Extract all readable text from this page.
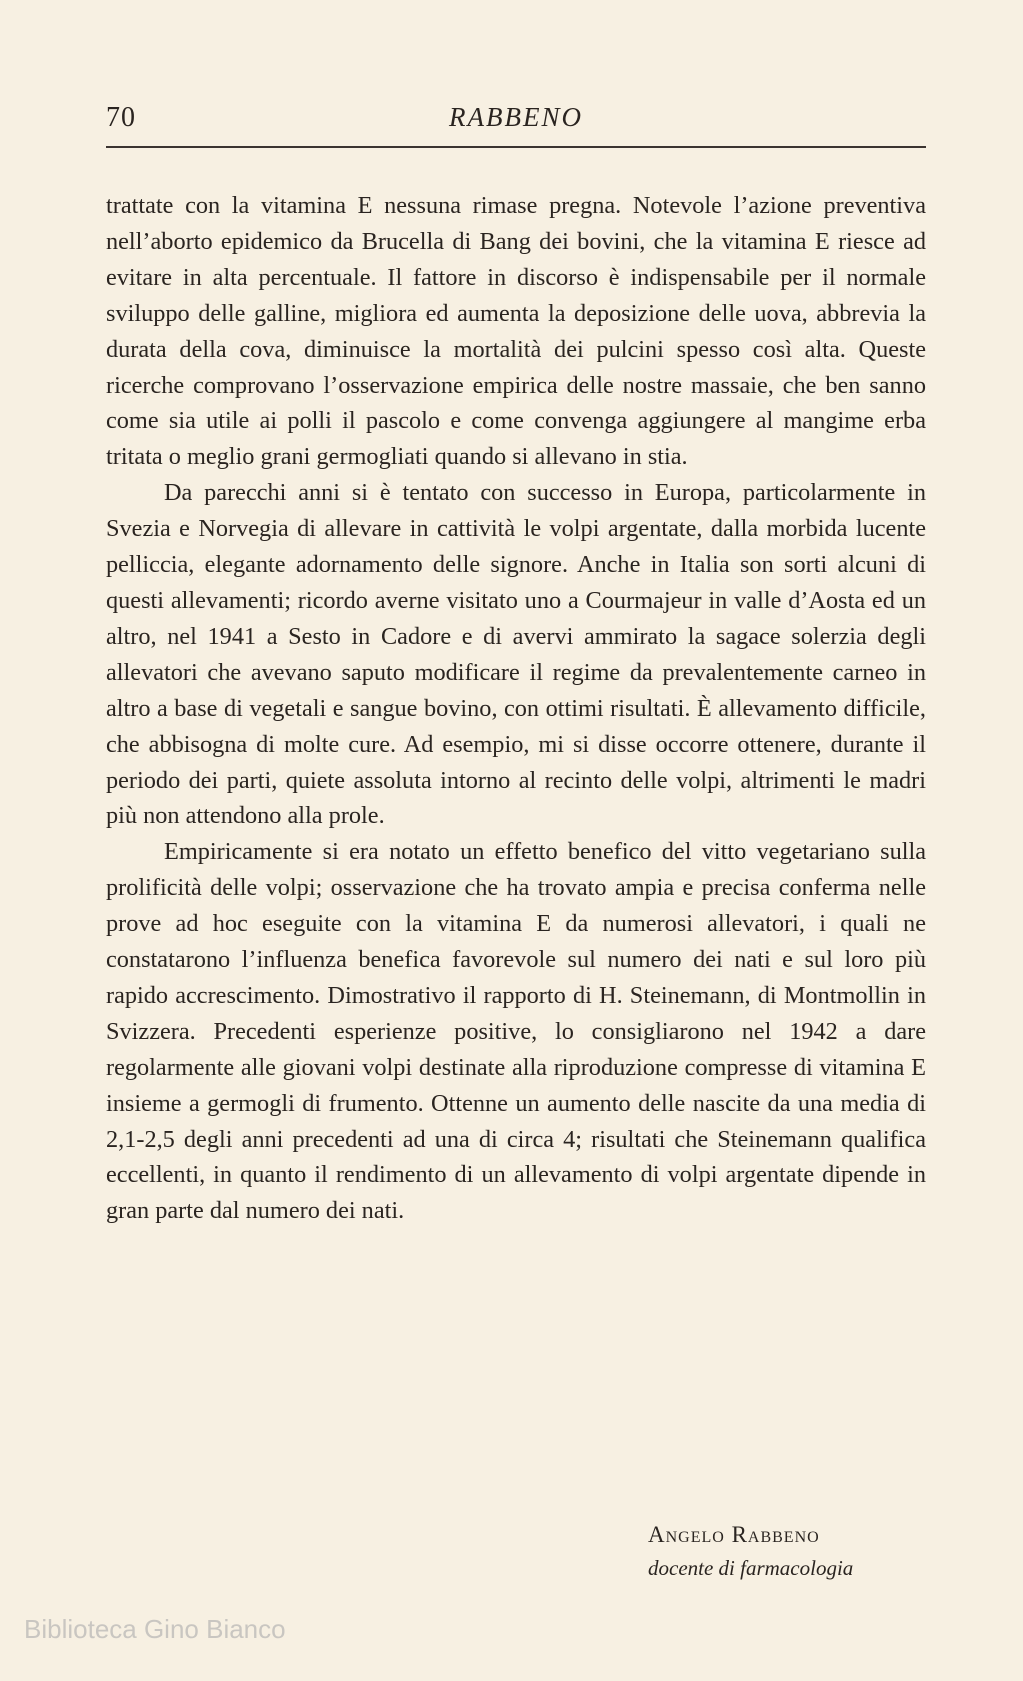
70	RABBENO

trattate con la vitamina E nessuna rimase pregna. Notevole l’azione preventiva nell’aborto epidemico da Brucella di Bang dei bovini, che la vitamina E riesce ad evitare in alta percentuale. Il fattore in discorso è indispensabile per il normale sviluppo delle galline, migliora ed aumenta la deposizione delle uova, abbrevia la durata della cova, diminuisce la mortalità dei pulcini spesso così alta. Queste ricerche comprovano l’osservazione empirica delle nostre massaie, che ben sanno come sia utile ai polli il pascolo e come convenga aggiungere al mangime erba tritata o meglio grani germogliati quando si allevano in stia.

Da parecchi anni si è tentato con successo in Europa, particolarmente in Svezia e Norvegia di allevare in cattività le volpi argentate, dalla morbida lucente pelliccia, elegante adornamento delle signore. Anche in Italia son sorti alcuni di questi allevamenti; ricordo averne visitato uno a Courmajeur in valle d’Aosta ed un altro, nel 1941 a Sesto in Cadore e di avervi ammirato la sagace solerzia degli allevatori che avevano saputo modificare il regime da prevalentemente carneo in altro a base di vegetali e sangue bovino, con ottimi risultati. È allevamento difficile, che abbisogna di molte cure. Ad esempio, mi si disse occorre ottenere, durante il periodo dei parti, quiete assoluta intorno al recinto delle volpi, altrimenti le madri più non attendono alla prole.

Empiricamente si era notato un effetto benefico del vitto vegetariano sulla prolificità delle volpi; osservazione che ha trovato ampia e precisa conferma nelle prove ad hoc eseguite con la vitamina E da numerosi allevatori, i quali ne constatarono l’influenza benefica favorevole sul numero dei nati e sul loro più rapido accrescimento. Dimostrativo il rapporto di H. Steinemann, di Montmollin in Svizzera. Precedenti esperienze positive, lo consigliarono nel 1942 a dare regolarmente alle giovani volpi destinate alla riproduzione compresse di vitamina E insieme a germogli di frumento. Ottenne un aumento delle nascite da una media di 2,1-2,5 degli anni precedenti ad una di circa 4; risultati che Steinemann qualifica eccellenti, in quanto il rendimento di un allevamento di volpi argentate dipende in gran parte dal numero dei nati.

Angelo Rabbeno
docente di farmacologia
Biblioteca Gino Bianco
